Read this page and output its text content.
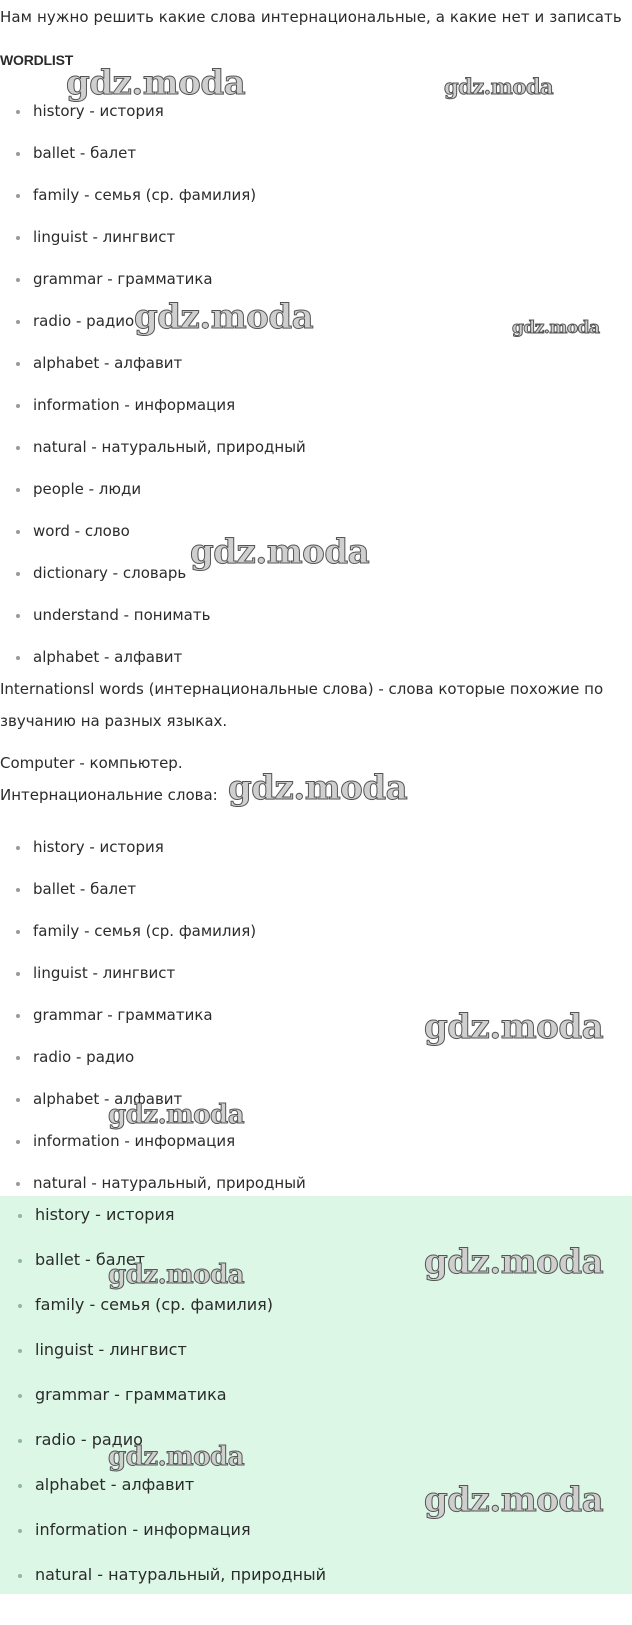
Нам нужно решить какие слова интернациональные, а какие нет и записать
WORDLIST
history - история
ballet - балет
family - семья (ср. фамилия)
linguist - лингвист
grammar - грамматика
radio - радио
alphabet - алфавит
information - информация
natural - натуральный, природный
people - люди
word - слово
dictionary - словарь
understand - понимать
alphabet - алфавит
Internationsl words (интернациональные слова) - слова которые похожие по
звучанию на разных языках.
Computer - компьютер.
Интернациональние слова:
history - история
ballet - балет
family - семья (ср. фамилия)
linguist - лингвист
grammar - грамматика
radio - радио
alphabet - алфавит
information - информация
natural - натуральный, природный
history - история
ballet - балет
family - семья (ср. фамилия)
linguist - лингвист
grammar - грамматика
radio - радио
alphabet - алфавит
information - информация
natural - натуральный, природный
gdz.moda	gdz.moda
gdz.moda	gdz.moda
gdz.moda
gdz.moda
gdz.moda
gdz.moda
gdz.moda
gdz.moda
gdz.moda
gdz.moda
